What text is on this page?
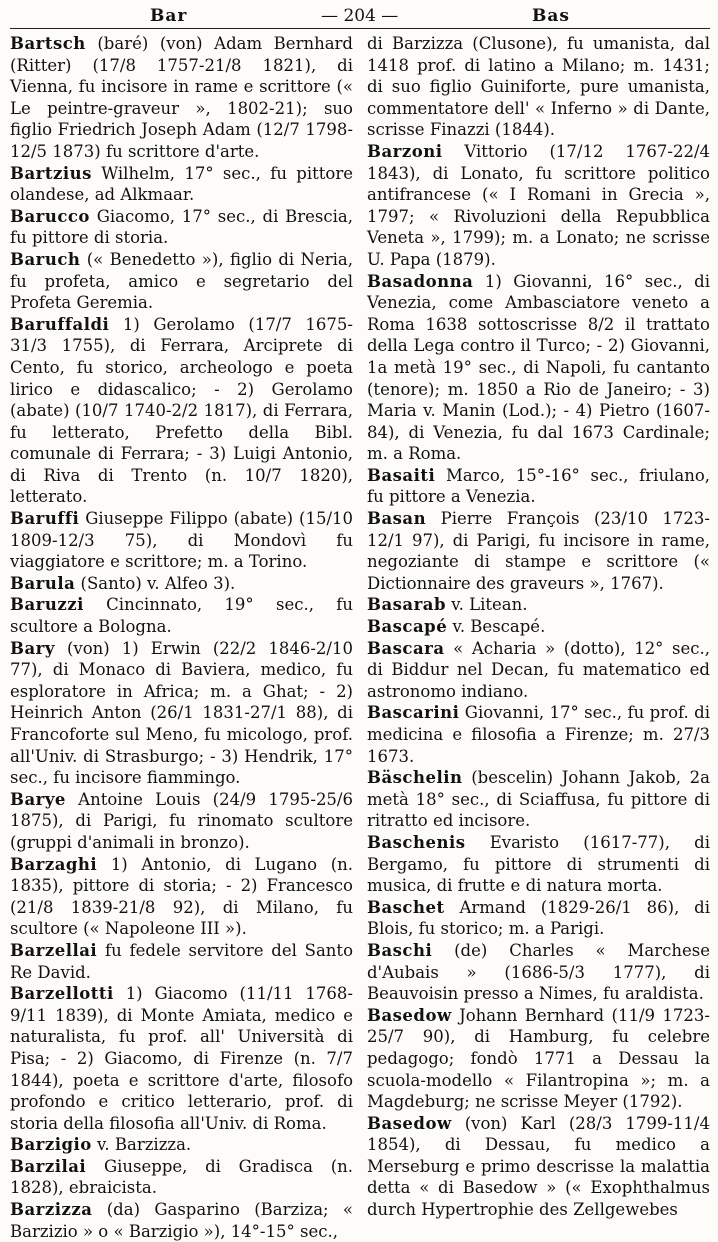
Bar	— 204 —	Bas

Bartsch (baré) (von) Adam Bernhard (Ritter) (17/8 1757-21/8 1821), di Vienna, fu incisore in rame e scrittore (« Le peintre-graveur », 1802-21); suo figlio Friedrich Joseph Adam (12/7 1798-12/5 1873) fu scrittore d'arte.

Bartzius Wilhelm, 17° sec., fu pittore olandese, ad Alkmaar.

Barucco Giacomo, 17° sec., di Brescia, fu pittore di storia.

Baruch (« Benedetto »), figlio di Neria, fu profeta, amico e segretario del Profeta Geremia.

Baruffaldi 1) Gerolamo (17/7 1675-31/3 1755), di Ferrara, Arciprete di Cento, fu storico, archeologo e poeta lirico e didascalico; - 2) Gerolamo (abate) (10/7 1740-2/2 1817), di Ferrara, fu letterato, Prefetto della Bibl. comunale di Ferrara; - 3) Luigi Antonio, di Riva di Trento (n. 10/7 1820), letterato.

Baruffi Giuseppe Filippo (abate) (15/10 1809-12/3 75), di Mondovì fu viaggiatore e scrittore; m. a Torino.

Barula (Santo) v. Alfeo 3).

Baruzzi Cincinnato, 19° sec., fu scultore a Bologna.

Bary (von) 1) Erwin (22/2 1846-2/10 77), di Monaco di Baviera, medico, fu esploratore in Africa; m. a Ghat; - 2) Heinrich Anton (26/1 1831-27/1 88), di Francoforte sul Meno, fu micologo, prof. all'Univ. di Strasburgo; - 3) Hendrik, 17° sec., fu incisore fiammingo.

Barye Antoine Louis (24/9 1795-25/6 1875), di Parigi, fu rinomato scultore (gruppi d'animali in bronzo).

Barzaghi 1) Antonio, di Lugano (n. 1835), pittore di storia; - 2) Francesco (21/8 1839-21/8 92), di Milano, fu scultore (« Napoleone III »).

Barzellai fu fedele servitore del Santo Re David.

Barzellotti 1) Giacomo (11/11 1768-9/11 1839), di Monte Amiata, medico e naturalista, fu prof. all' Università di Pisa; - 2) Giacomo, di Firenze (n. 7/7 1844), poeta e scrittore d'arte, filosofo profondo e critico letterario, prof. di storia della filosofia all'Univ. di Roma.

Barzigio v. Barzizza.

Barzilai Giuseppe, di Gradisca (n. 1828), ebraicista.

Barzizza (da) Gasparino (Barziza; « Barzizio » o « Barzigio »), 14°-15° sec.,

di Barzizza (Clusone), fu umanista, dal 1418 prof. di latino a Milano; m. 1431; di suo figlio Guiniforte, pure umanista, commentatore dell' « Inferno » di Dante, scrisse Finazzi (1844).

Barzoni Vittorio (17/12 1767-22/4 1843), di Lonato, fu scrittore politico antifrancese (« I Romani in Grecia », 1797; « Rivoluzioni della Repubblica Veneta », 1799); m. a Lonato; ne scrisse U. Papa (1879).

Basadonna 1) Giovanni, 16° sec., di Venezia, come Ambasciatore veneto a Roma 1638 sottoscrisse 8/2 il trattato della Lega contro il Turco; - 2) Giovanni, 1a metà 19° sec., di Napoli, fu cantanto (tenore); m. 1850 a Rio de Janeiro; - 3) Maria v. Manin (Lod.); - 4) Pietro (1607-84), di Venezia, fu dal 1673 Cardinale; m. a Roma.

Basaiti Marco, 15°-16° sec., friulano, fu pittore a Venezia.

Basan Pierre François (23/10 1723-12/1 97), di Parigi, fu incisore in rame, negoziante di stampe e scrittore (« Dictionnaire des graveurs », 1767).

Basarab v. Litean.

Bascapé v. Bescapé.

Bascara « Acharia » (dotto), 12° sec., di Biddur nel Decan, fu matematico ed astronomo indiano.

Bascarini Giovanni, 17° sec., fu prof. di medicina e filosofia a Firenze; m. 27/3 1673.

Bäschelin (bescelin) Johann Jakob, 2a metà 18° sec., di Sciaffusa, fu pittore di ritratto ed incisore.

Baschenis Evaristo (1617-77), di Bergamo, fu pittore di strumenti di musica, di frutte e di natura morta.

Baschet Armand (1829-26/1 86), di Blois, fu storico; m. a Parigi.

Baschi (de) Charles « Marchese d'Aubais » (1686-5/3 1777), di Beauvoisin presso a Nimes, fu araldista.

Basedow Johann Bernhard (11/9 1723-25/7 90), di Hamburg, fu celebre pedagogo; fondò 1771 a Dessau la scuola-modello « Filantropina »; m. a Magdeburg; ne scrisse Meyer (1792).

Basedow (von) Karl (28/3 1799-11/4 1854), di Dessau, fu medico a Merseburg e primo descrisse la malattia detta « di Basedow » (« Exophthalmus durch Hypertrophie des Zellgewebes
